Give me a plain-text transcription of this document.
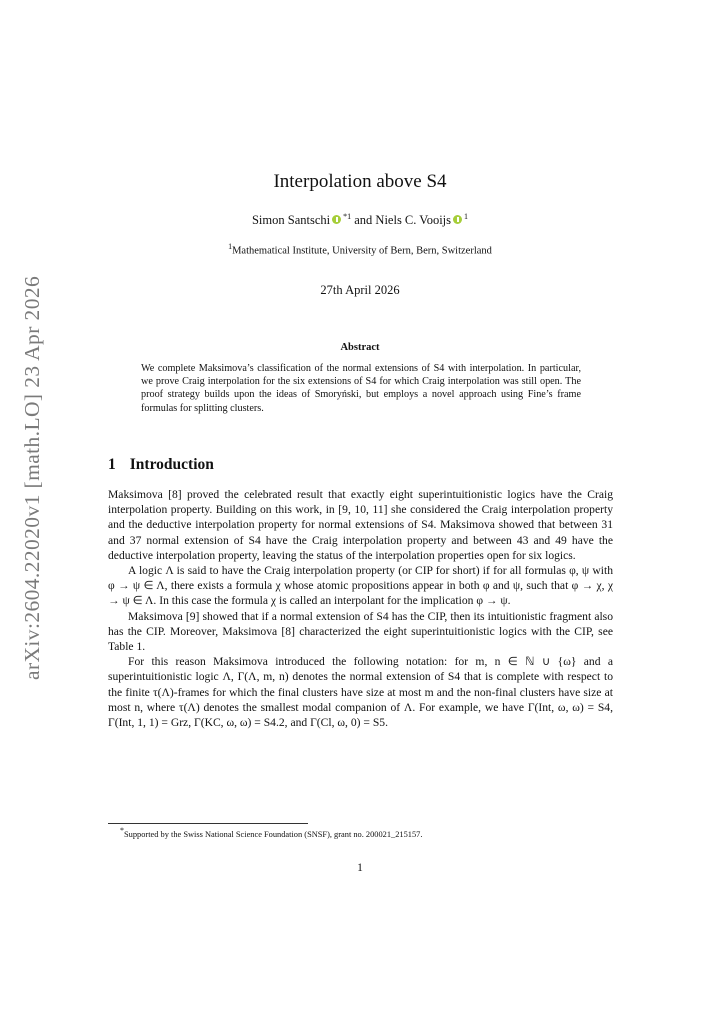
arXiv:2604.22020v1 [math.LO] 23 Apr 2026
Interpolation above S4
Simon Santschi $^{*1}$ and Niels C. Vooijs $^1$
$^1$Mathematical Institute, University of Bern, Bern, Switzerland
27th April 2026
Abstract
We complete Maksimova’s classification of the normal extensions of S4 with interpolation. In particular, we prove Craig interpolation for the six extensions of S4 for which Craig interpolation was still open. The proof strategy builds upon the ideas of Smoryński, but employs a novel approach using Fine’s frame formulas for splitting clusters.
1 Introduction

Maksimova [8] proved the celebrated result that exactly eight superintuitionistic logics have the Craig interpolation property. Building on this work, in [9, 10, 11] she considered the Craig interpolation property and the deductive interpolation property for normal extensions of S4. Maksimova showed that between 31 and 37 normal extension of S4 have the Craig interpolation property and between 43 and 49 have the deductive interpolation property, leaving the status of the interpolation properties open for six logics.

A logic Λ is said to have the Craig interpolation property (or CIP for short) if for all formulas φ, ψ with φ → ψ ∈ Λ, there exists a formula χ whose atomic propositions appear in both φ and ψ, such that φ → χ, χ → ψ ∈ Λ. In this case the formula χ is called an interpolant for the implication φ → ψ.

Maksimova [9] showed that if a normal extension of S4 has the CIP, then its intuitionistic fragment also has the CIP. Moreover, Maksimova [8] characterized the eight superintuitionistic logics with the CIP, see Table 1.

For this reason Maksimova introduced the following notation: for m, n ∈ ℕ ∪ {ω} and a superintuitionistic logic Λ, Γ(Λ, m, n) denotes the normal extension of S4 that is complete with respect to the finite τ(Λ)-frames for which the final clusters have size at most m and the non-final clusters have size at most n, where τ(Λ) denotes the smallest modal companion of Λ. For example, we have Γ(Int, ω, ω) = S4, Γ(Int, 1, 1) = Grz, Γ(KC, ω, ω) = S4.2, and Γ(Cl, ω, 0) = S5.

*Supported by the Swiss National Science Foundation (SNSF), grant no. 200021_215157.
1
